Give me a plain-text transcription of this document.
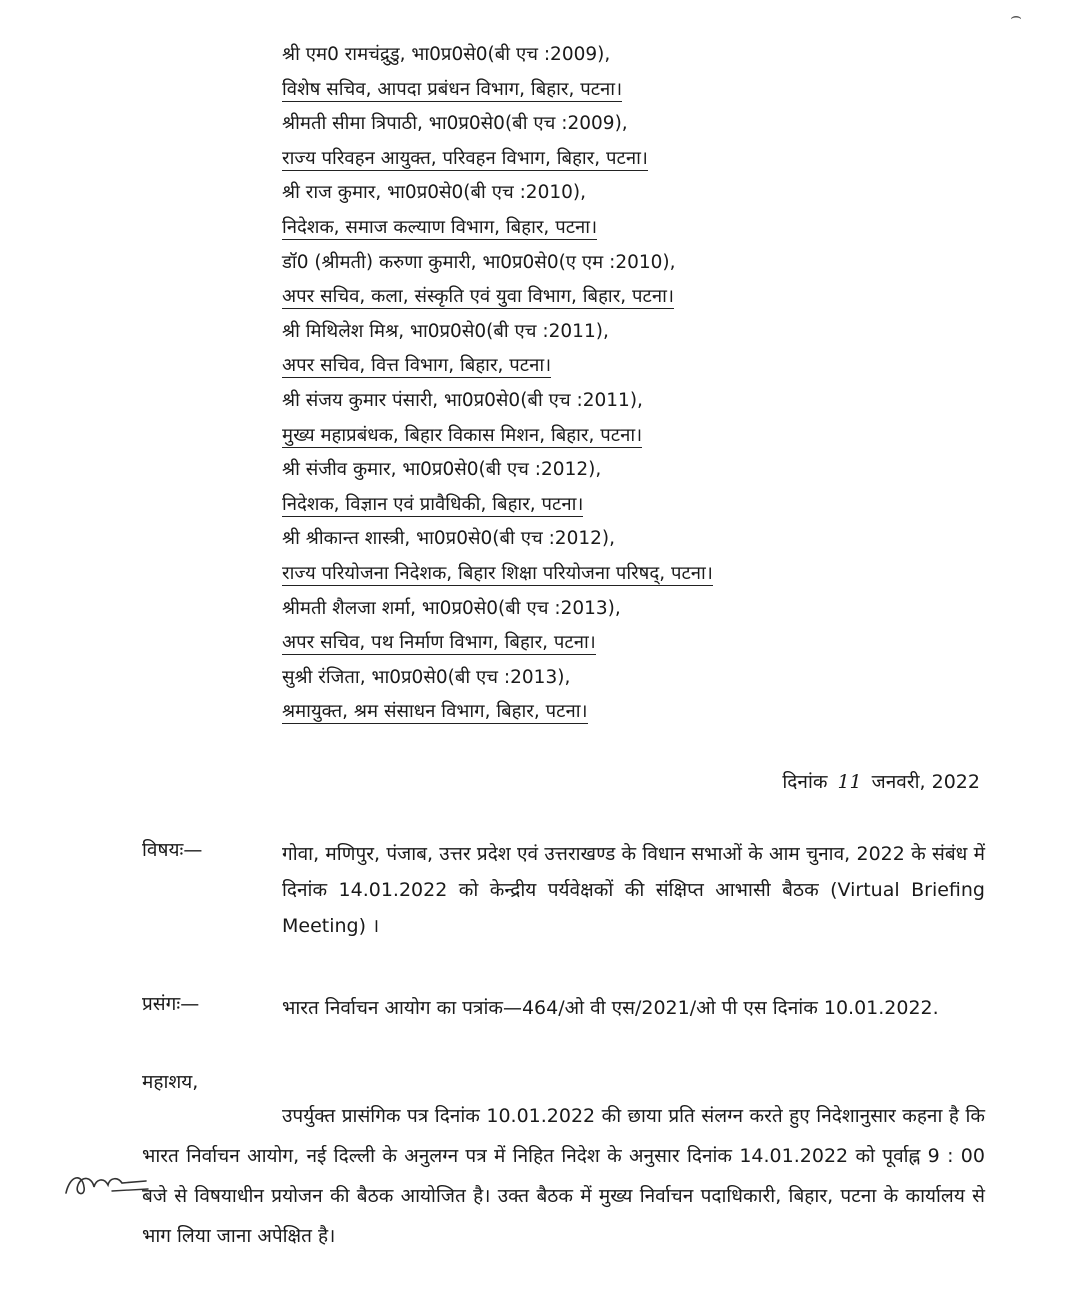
⌢
श्री एम0 रामचंद्रुडु, भा0प्र0से0(बी एच :2009),
विशेष सचिव, आपदा प्रबंधन विभाग, बिहार, पटना।
श्रीमती सीमा त्रिपाठी, भा0प्र0से0(बी एच :2009),
राज्य परिवहन आयुक्त, परिवहन विभाग, बिहार, पटना।
श्री राज कुमार, भा0प्र0से0(बी एच :2010),
निदेशक, समाज कल्याण विभाग, बिहार, पटना।
डॉ0 (श्रीमती) करुणा कुमारी, भा0प्र0से0(ए एम :2010),
अपर सचिव, कला, संस्कृति एवं युवा विभाग, बिहार, पटना।
श्री मिथिलेश मिश्र, भा0प्र0से0(बी एच :2011),
अपर सचिव, वित्त विभाग, बिहार, पटना।
श्री संजय कुमार पंसारी, भा0प्र0से0(बी एच :2011),
मुख्य महाप्रबंधक, बिहार विकास मिशन, बिहार, पटना।
श्री संजीव कुमार, भा0प्र0से0(बी एच :2012),
निदेशक, विज्ञान एवं प्रावैधिकी, बिहार, पटना।
श्री श्रीकान्त शास्त्री, भा0प्र0से0(बी एच :2012),
राज्य परियोजना निदेशक, बिहार शिक्षा परियोजना परिषद्, पटना।
श्रीमती शैलजा शर्मा, भा0प्र0से0(बी एच :2013),
अपर सचिव, पथ निर्माण विभाग, बिहार, पटना।
सुश्री रंजिता, भा0प्र0से0(बी एच :2013),
श्रमायुक्त, श्रम संसाधन विभाग, बिहार, पटना।
दिनांक 11 जनवरी, 2022
विषयः—	गोवा, मणिपुर, पंजाब, उत्तर प्रदेश एवं उत्तराखण्ड के विधान सभाओं के आम चुनाव, 2022 के संबंध में दिनांक 14.01.2022 को केन्द्रीय पर्यवेक्षकों की संक्षिप्त आभासी बैठक (Virtual Briefing Meeting) ।
प्रसंगः—	भारत निर्वाचन आयोग का पत्रांक—464/ओ वी एस/2021/ओ पी एस दिनांक 10.01.2022.
महाशय,
उपर्युक्त प्रासंगिक पत्र दिनांक 10.01.2022 की छाया प्रति संलग्न करते हुए निदेशानुसार कहना है कि भारत निर्वाचन आयोग, नई दिल्ली के अनुलग्न पत्र में निहित निदेश के अनुसार दिनांक 14.01.2022 को पूर्वाह्न 9 : 00 बजे से विषयाधीन प्रयोजन की बैठक आयोजित है। उक्त बैठक में मुख्य निर्वाचन पदाधिकारी, बिहार, पटना के कार्यालय से भाग लिया जाना अपेक्षित है।
